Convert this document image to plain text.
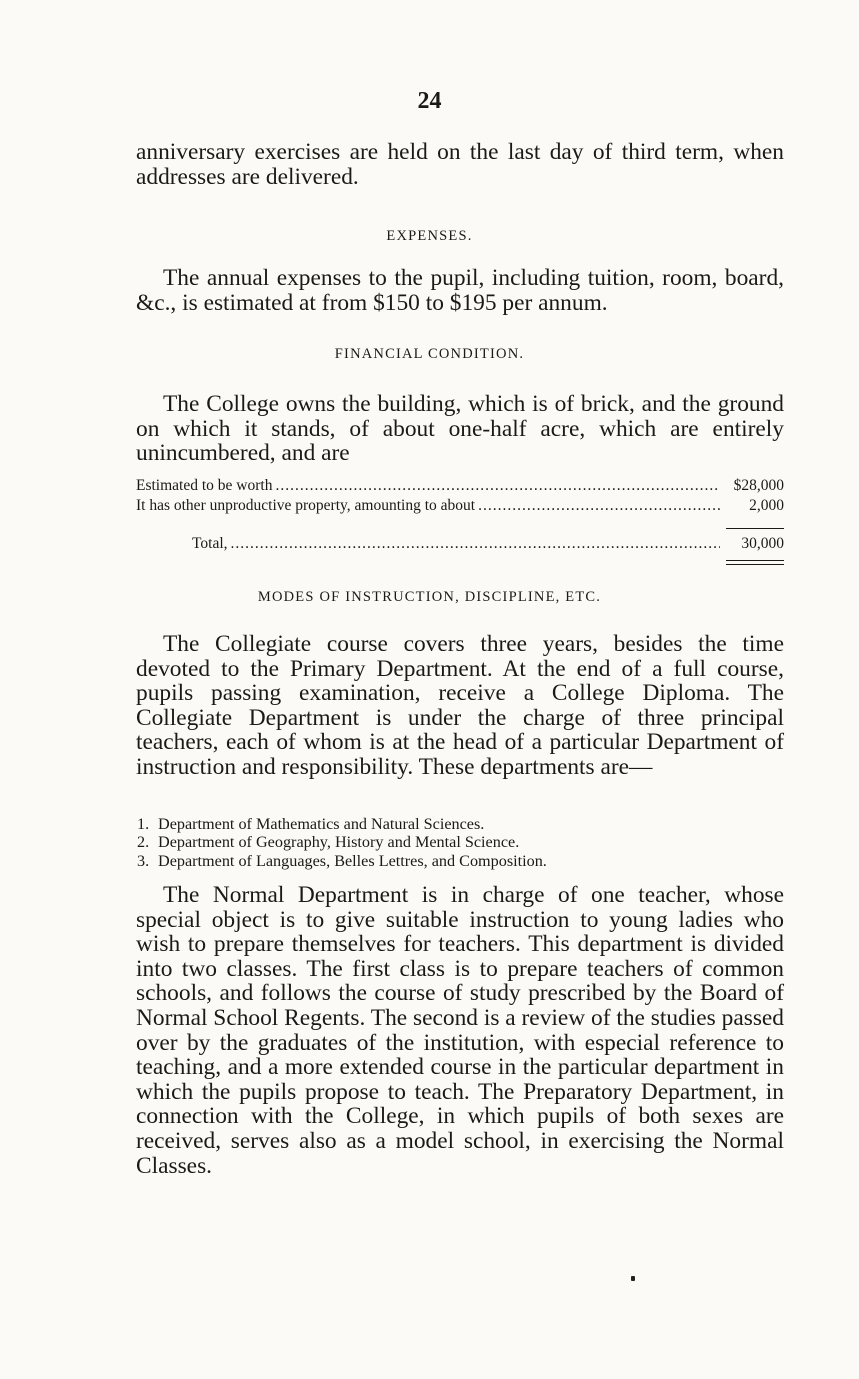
24
anniversary exercises are held on the last day of third term, when addresses are delivered.
EXPENSES.
The annual expenses to the pupil, including tuition, room, board, &c., is estimated at from $150 to $195 per annum.
FINANCIAL CONDITION.
The College owns the building, which is of brick, and the ground on which it stands, of about one-half acre, which are entirely unincumbered, and are
Estimated to be worth .....	$28,000
It has other unproductive property, amounting to about .....	2,000
Total, .....	30,000
MODES OF INSTRUCTION, DISCIPLINE, ETC.
The Collegiate course covers three years, besides the time devoted to the Primary Department. At the end of a full course, pupils passing examination, receive a College Diploma. The Collegiate Department is under the charge of three principal teachers, each of whom is at the head of a particular Department of instruction and responsibility. These departments are—
1. Department of Mathematics and Natural Sciences.
2. Department of Geography, History and Mental Science.
3. Department of Languages, Belles Lettres, and Composition.
The Normal Department is in charge of one teacher, whose special object is to give suitable instruction to young ladies who wish to prepare themselves for teachers. This department is divided into two classes. The first class is to prepare teachers of common schools, and follows the course of study prescribed by the Board of Normal School Regents. The second is a review of the studies passed over by the graduates of the institution, with especial reference to teaching, and a more extended course in the particular department in which the pupils propose to teach. The Preparatory Department, in connection with the College, in which pupils of both sexes are received, serves also as a model school, in exercising the Normal Classes.
